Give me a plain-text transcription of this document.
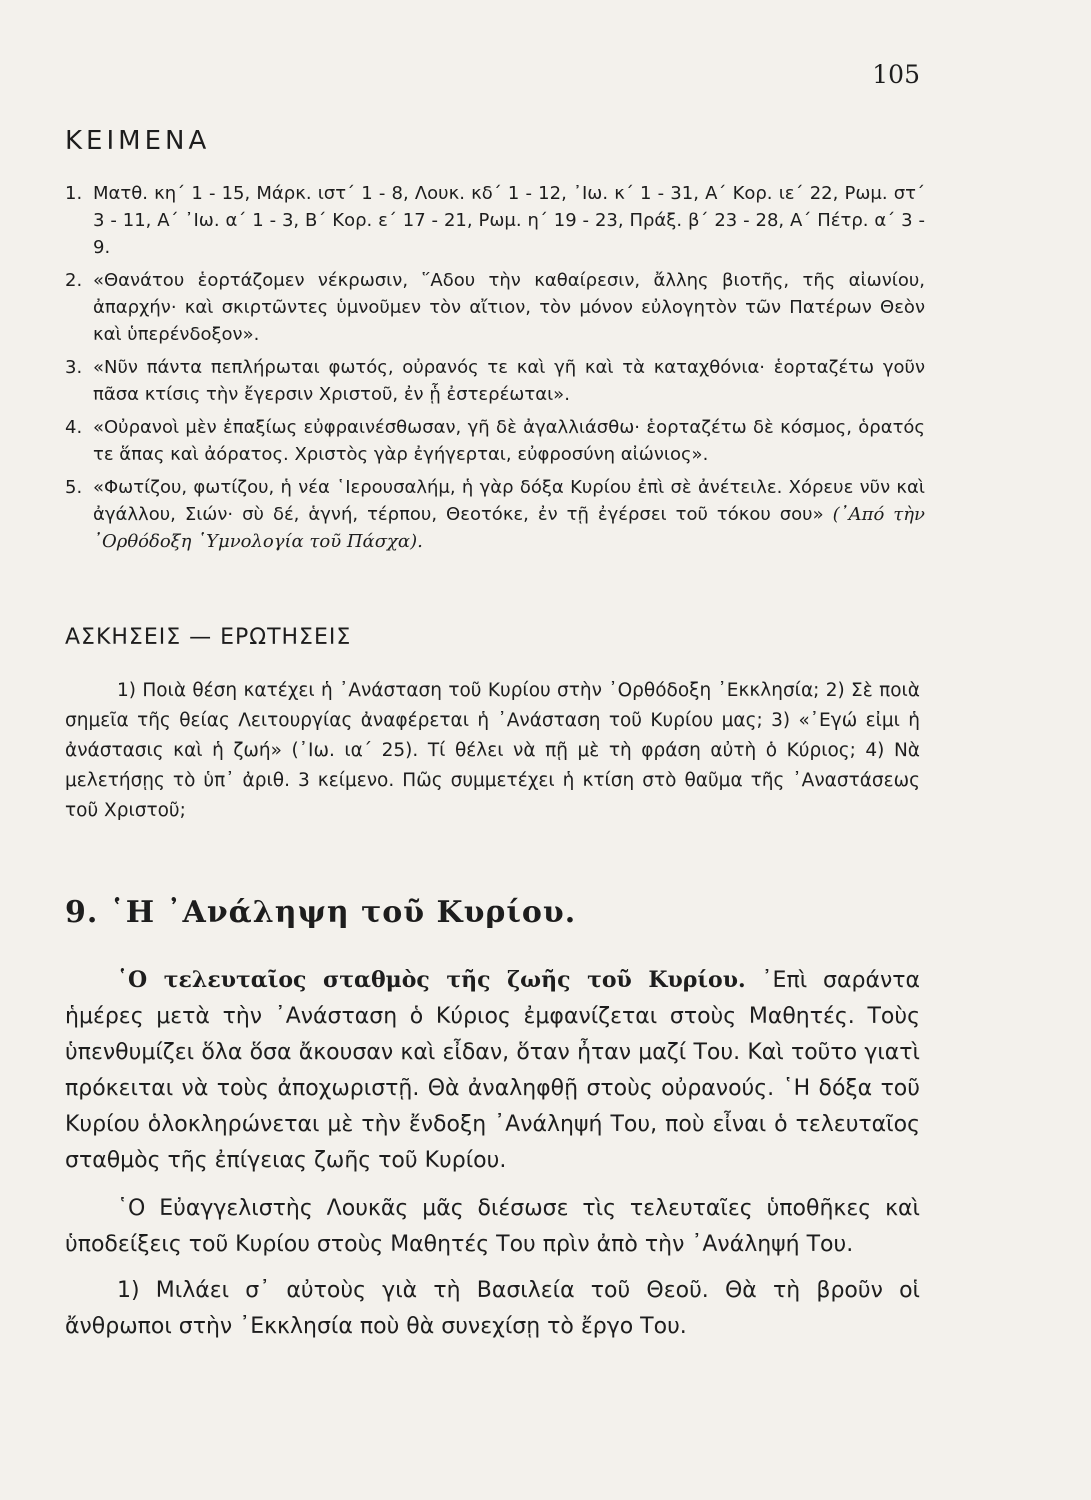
105
ΚΕΙΜΕΝΑ
1. Ματθ. κη΄ 1 - 15, Μάρκ. ιστ΄ 1 - 8, Λουκ. κδ΄ 1 - 12, ᾿Ιω. κ΄ 1 - 31, Α΄ Κορ. ιε΄ 22, Ρωμ. στ΄ 3 - 11, Α΄ ᾿Ιω. α΄ 1 - 3, Β΄ Κορ. ε΄ 17 - 21, Ρωμ. η΄ 19 - 23, Πράξ. β΄ 23 - 28, Α΄ Πέτρ. α΄ 3 - 9.
2. «Θανάτου ἑορτάζομεν νέκρωσιν, ῞Αδου τὴν καθαίρεσιν, ἄλλης βιοτῆς, τῆς αἰωνίου, ἀπαρχήν· καὶ σκιρτῶντες ὑμνοῦμεν τὸν αἴτιον, τὸν μόνον εὐλογητὸν τῶν Πατέρων Θεὸν καὶ ὑπερένδοξον».
3. «Νῦν πάντα πεπλήρωται φωτός, οὐρανός τε καὶ γῆ καὶ τὰ καταχθόνια· ἑορταζέτω γοῦν πᾶσα κτίσις τὴν ἔγερσιν Χριστοῦ, ἐν ᾗ ἐστερέωται».
4. «Οὐρανοὶ μὲν ἐπαξίως εὐφραινέσθωσαν, γῆ δὲ ἀγαλλιάσθω· ἑορταζέτω δὲ κόσμος, ὁρατός τε ἅπας καὶ ἀόρατος. Χριστὸς γὰρ ἐγήγερται, εὐφροσύνη αἰώνιος».
5. «Φωτίζου, φωτίζου, ἡ νέα ῾Ιερουσαλήμ, ἡ γὰρ δόξα Κυρίου ἐπὶ σὲ ἀνέτειλε. Χόρευε νῦν καὶ ἀγάλλου, Σιών· σὺ δέ, ἁγνή, τέρπου, Θεοτόκε, ἐν τῇ ἐγέρσει τοῦ τόκου σου» (᾿Από τὴν ᾿Ορθόδοξη ῾Υμνολογία τοῦ Πάσχα).
ΑΣΚΗΣΕΙΣ — ΕΡΩΤΗΣΕΙΣ
1) Ποιὰ θέση κατέχει ἡ ᾿Ανάσταση τοῦ Κυρίου στὴν ᾿Ορθόδοξη ᾿Εκκλησία; 2) Σὲ ποιὰ σημεῖα τῆς θείας Λειτουργίας ἀναφέρεται ἡ ᾿Ανάσταση τοῦ Κυρίου μας; 3) «᾿Εγώ εἰμι ἡ ἀνάστασις καὶ ἡ ζωή» (᾿Ιω. ια΄ 25). Τί θέλει νὰ πῇ μὲ τὴ φράση αὐτὴ ὁ Κύριος; 4) Νὰ μελετήσῃς τὸ ὑπ᾿ ἀριθ. 3 κείμενο. Πῶς συμμετέχει ἡ κτίση στὸ θαῦμα τῆς ᾿Αναστάσεως τοῦ Χριστοῦ;
9. ῾Η ᾿Ανάληψη τοῦ Κυρίου.

῾Ο τελευταῖος σταθμὸς τῆς ζωῆς τοῦ Κυρίου. ᾿Επὶ σαράντα ἡμέρες μετὰ τὴν ᾿Ανάσταση ὁ Κύριος ἐμφανίζεται στοὺς Μαθητές. Τοὺς ὑπενθυμίζει ὅλα ὅσα ἄκουσαν καὶ εἶδαν, ὅταν ἦταν μαζί Του. Καὶ τοῦτο γιατὶ πρόκειται νὰ τοὺς ἀποχωριστῇ. Θὰ ἀναληφθῇ στοὺς οὐρανούς. ῾Η δόξα τοῦ Κυρίου ὁλοκληρώνεται μὲ τὴν ἔνδοξη ᾿Ανάληψή Του, ποὺ εἶναι ὁ τελευταῖος σταθμὸς τῆς ἐπίγειας ζωῆς τοῦ Κυρίου.

῾Ο Εὐαγγελιστὴς Λουκᾶς μᾶς διέσωσε τὶς τελευταῖες ὑποθῆκες καὶ ὑποδείξεις τοῦ Κυρίου στοὺς Μαθητές Του πρὶν ἀπὸ τὴν ᾿Ανάληψή Του.

1) Μιλάει σ᾿ αὐτοὺς γιὰ τὴ Βασιλεία τοῦ Θεοῦ. Θὰ τὴ βροῦν οἱ ἄνθρωποι στὴν ᾿Εκκλησία ποὺ θὰ συνεχίσῃ τὸ ἔργο Του.
